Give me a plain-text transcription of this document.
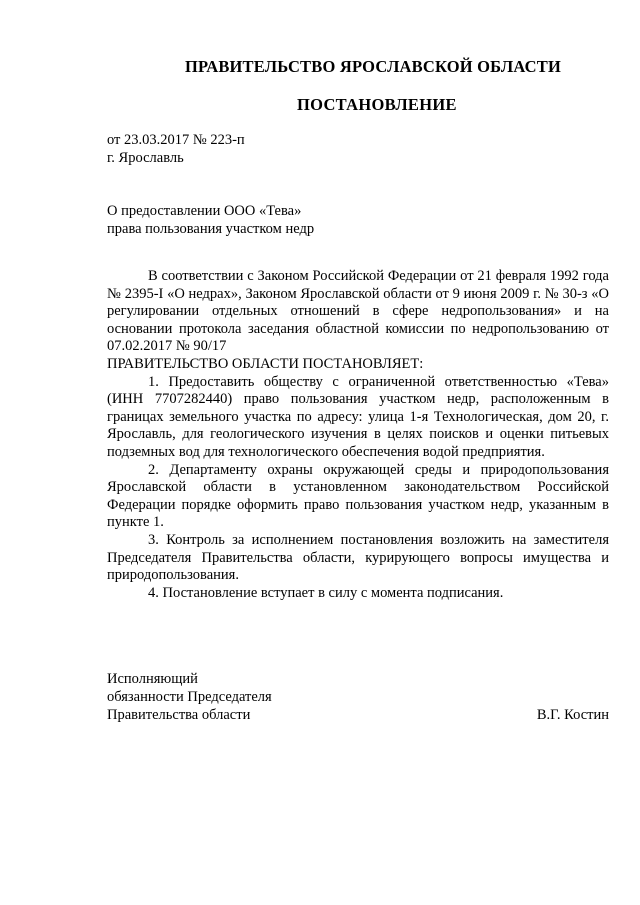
ПРАВИТЕЛЬСТВО ЯРОСЛАВСКОЙ ОБЛАСТИ
ПОСТАНОВЛЕНИЕ
от 23.03.2017 № 223-п
г. Ярославль
О предоставлении ООО «Тева»
права пользования участком недр

В соответствии с Законом Российской Федерации от 21 февраля 1992 года № 2395-I «О недрах», Законом Ярославской области от 9 июня 2009 г. № 30-з «О регулировании отдельных отношений в сфере недропользования» и на основании протокола заседания областной комиссии по недропользованию от 07.02.2017 № 90/17

ПРАВИТЕЛЬСТВО ОБЛАСТИ ПОСТАНОВЛЯЕТ:

1. Предоставить обществу с ограниченной ответственностью «Тева» (ИНН 7707282440) право пользования участком недр, расположенным в границах земельного участка по адресу: улица 1-я Технологическая, дом 20, г. Ярославль, для геологического изучения в целях поисков и оценки питьевых подземных вод для технологического обеспечения водой предприятия.

2. Департаменту охраны окружающей среды и природопользования Ярославской области в установленном законодательством Российской Федерации порядке оформить право пользования участком недр, указанным в пункте 1.

3. Контроль за исполнением постановления возложить на заместителя Председателя Правительства области, курирующего вопросы имущества и природопользования.

4. Постановление вступает в силу с момента подписания.

Исполняющий
обязанности Председателя
Правительства области	В.Г. Костин
